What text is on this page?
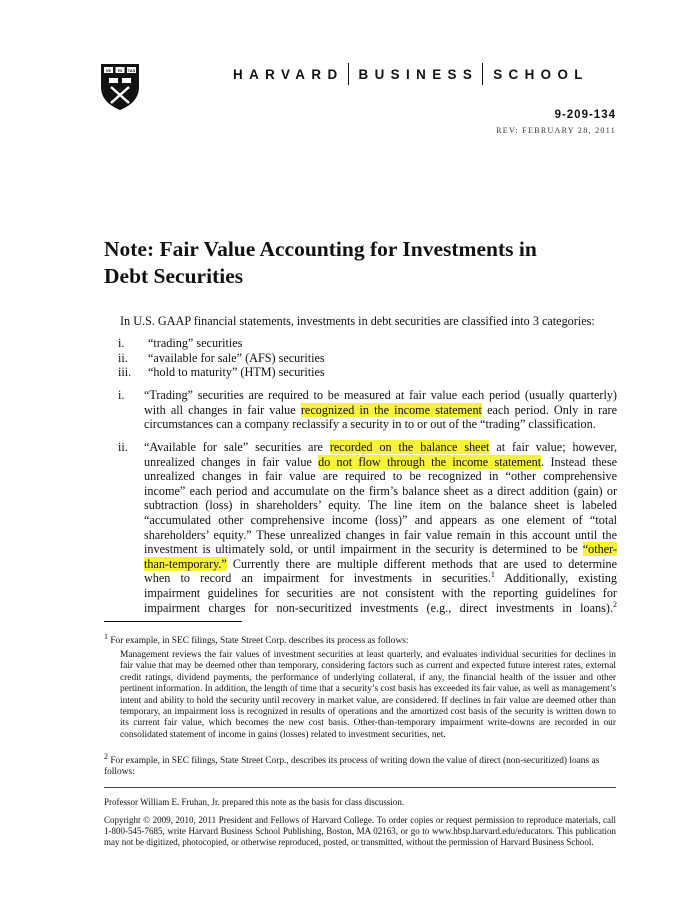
VE RI TAS	HARVARD BUSINESS SCHOOL
9-209-134
REV: FEBRUARY 28, 2011
Note: Fair Value Accounting for Investments in
Debt Securities
In U.S. GAAP financial statements, investments in debt securities are classified into 3 categories:
i.	“trading” securities
ii.	“available for sale” (AFS) securities
iii.	“hold to maturity” (HTM) securities
i. “Trading” securities are required to be measured at fair value each period (usually quarterly)
with all changes in fair value recognized in the income statement each period. Only in rare
circumstances can a company reclassify a security in to or out of the “trading” classification.
ii. “Available for sale” securities are recorded on the balance sheet at fair value; however,
unrealized changes in fair value do not flow through the income statement. Instead these
unrealized changes in fair value are required to be recognized in “other comprehensive
income” each period and accumulate on the firm’s balance sheet as a direct addition (gain) or
subtraction (loss) in shareholders’ equity. The line item on the balance sheet is labeled
“accumulated other comprehensive income (loss)” and appears as one element of “total
shareholders’ equity.” These unrealized changes in fair value remain in this account until the
investment is ultimately sold, or until impairment in the security is determined to be “other-
than-temporary.” Currently there are multiple different methods that are used to determine
when to record an impairment for investments in securities.$^1$ Additionally, existing
impairment guidelines for securities are not consistent with the reporting guidelines for
impairment charges for non-securitized investments (e.g., direct investments in loans).$^2$
$^1$ For example, in SEC filings, State Street Corp. describes its process as follows:
Management reviews the fair values of investment securities at least quarterly, and evaluates individual securities for declines in fair value that may be deemed other than temporary, considering factors such as current and expected future interest rates, external credit ratings, dividend payments, the performance of underlying collateral, if any, the financial health of the issuer and other pertinent information. In addition, the length of time that a security’s cost basis has exceeded its fair value, as well as management’s intent and ability to hold the security until recovery in market value, are considered. If declines in fair value are deemed other than temporary, an impairment loss is recognized in results of operations and the amortized cost basis of the security is written down to its current fair value, which becomes the new cost basis. Other-than-temporary impairment write-downs are recorded in our consolidated statement of income in gains (losses) related to investment securities, net.
$^2$ For example, in SEC filings, State Street Corp., describes its process of writing down the value of direct (non-securitized) loans as follows:
Professor William E. Fruhan, Jr. prepared this note as the basis for class discussion.
Copyright © 2009, 2010, 2011 President and Fellows of Harvard College. To order copies or request permission to reproduce materials, call 1-800-545-7685, write Harvard Business School Publishing, Boston, MA 02163, or go to www.hbsp.harvard.edu/educators. This publication may not be digitized, photocopied, or otherwise reproduced, posted, or transmitted, without the permission of Harvard Business School.
